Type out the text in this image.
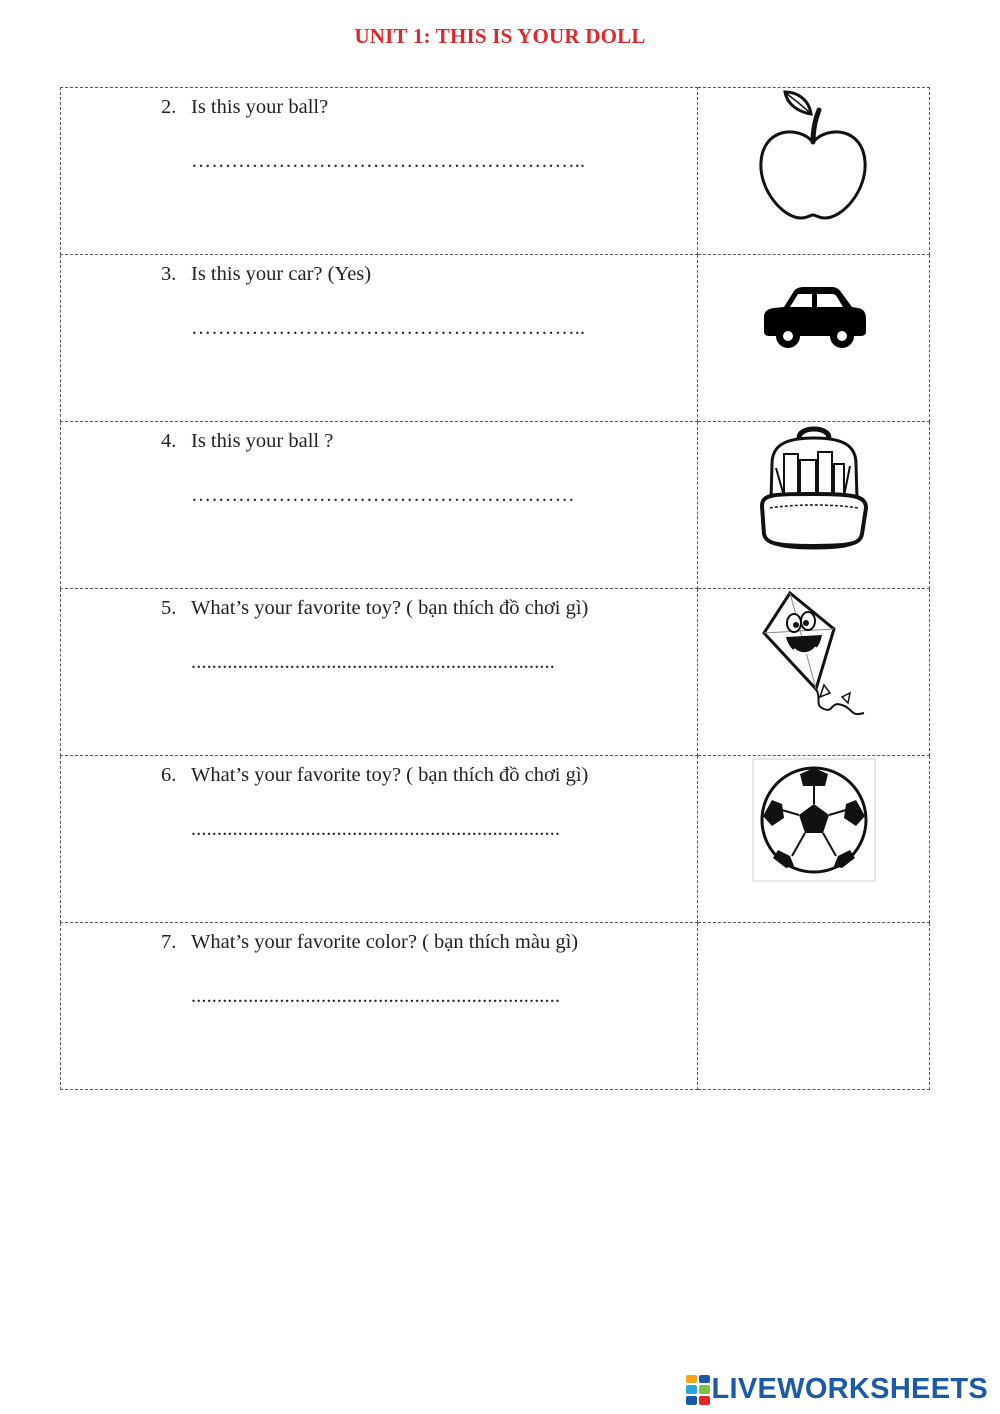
UNIT 1: THIS IS YOUR DOLL
2. Is this your ball?
…………………………………………………..

3. Is this your car? (Yes)
…………………………………………………..

4. Is this your ball ?
…………………………………………………

5. What’s your favorite toy? ( bạn thích đồ chơi gì)
......................................................................

6. What’s your favorite toy? ( bạn thích đồ chơi gì)
.......................................................................

7. What’s your favorite color? ( bạn thích màu gì)
.......................................................................	

LIVEWORKSHEETS
